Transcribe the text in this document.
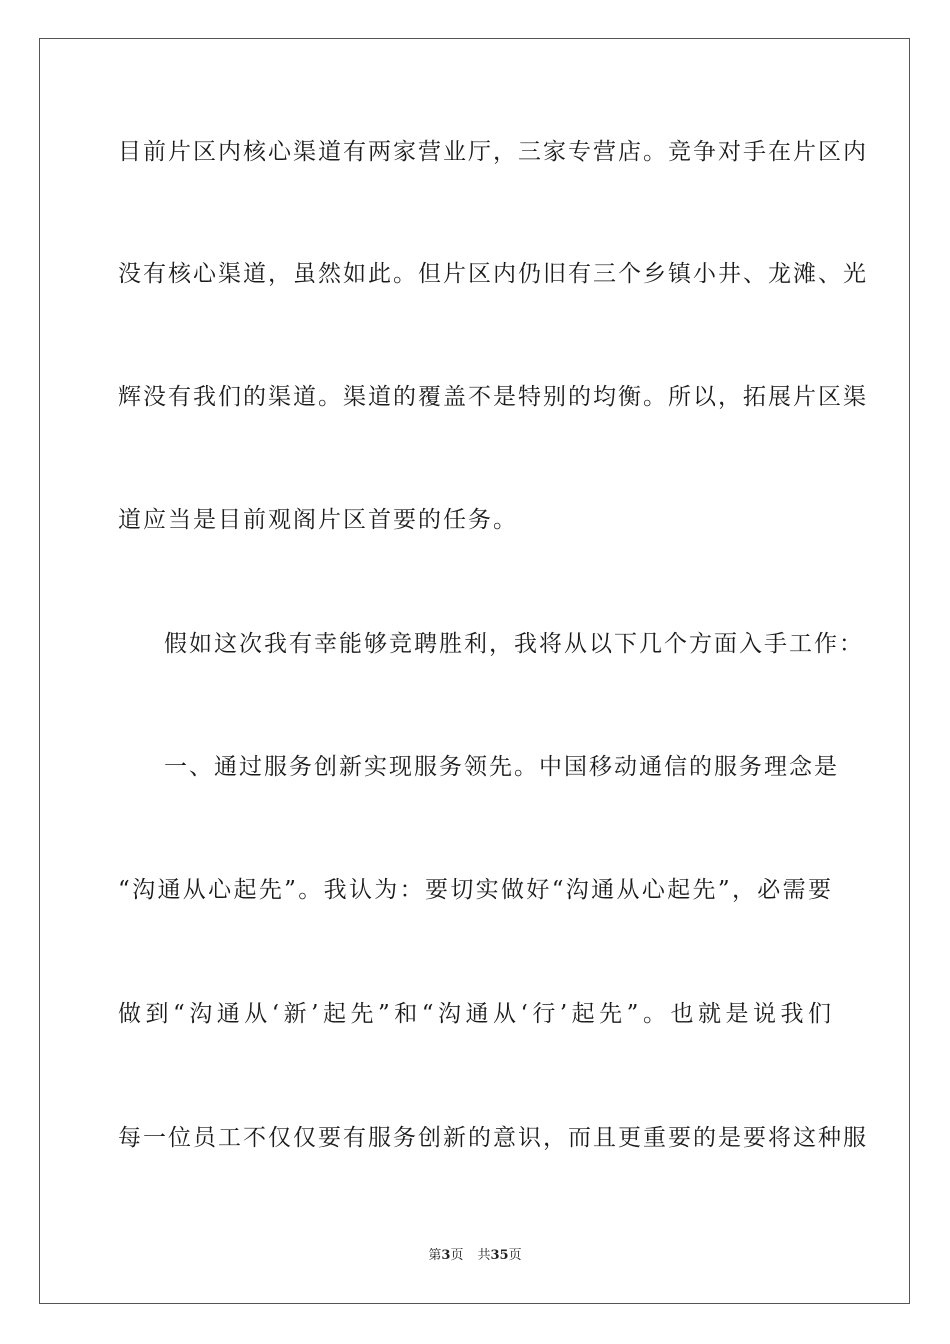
目前片区内核心渠道有两家营业厅，三家专营店。竞争对手在片区内
没有核心渠道，虽然如此。但片区内仍旧有三个乡镇小井、龙滩、光
辉没有我们的渠道。渠道的覆盖不是特别的均衡。所以，拓展片区渠
道应当是目前观阁片区首要的任务。
假如这次我有幸能够竞聘胜利，我将从以下几个方面入手工作：
一、通过服务创新实现服务领先。中国移动通信的服务理念是
“沟通从心起先”。我认为：要切实做好“沟通从心起先”，必需要
做到“沟通从‘新’起先”和“沟通从‘行’起先”。也就是说我们
每一位员工不仅仅要有服务创新的意识，而且更重要的是要将这种服
第3页 共35页
